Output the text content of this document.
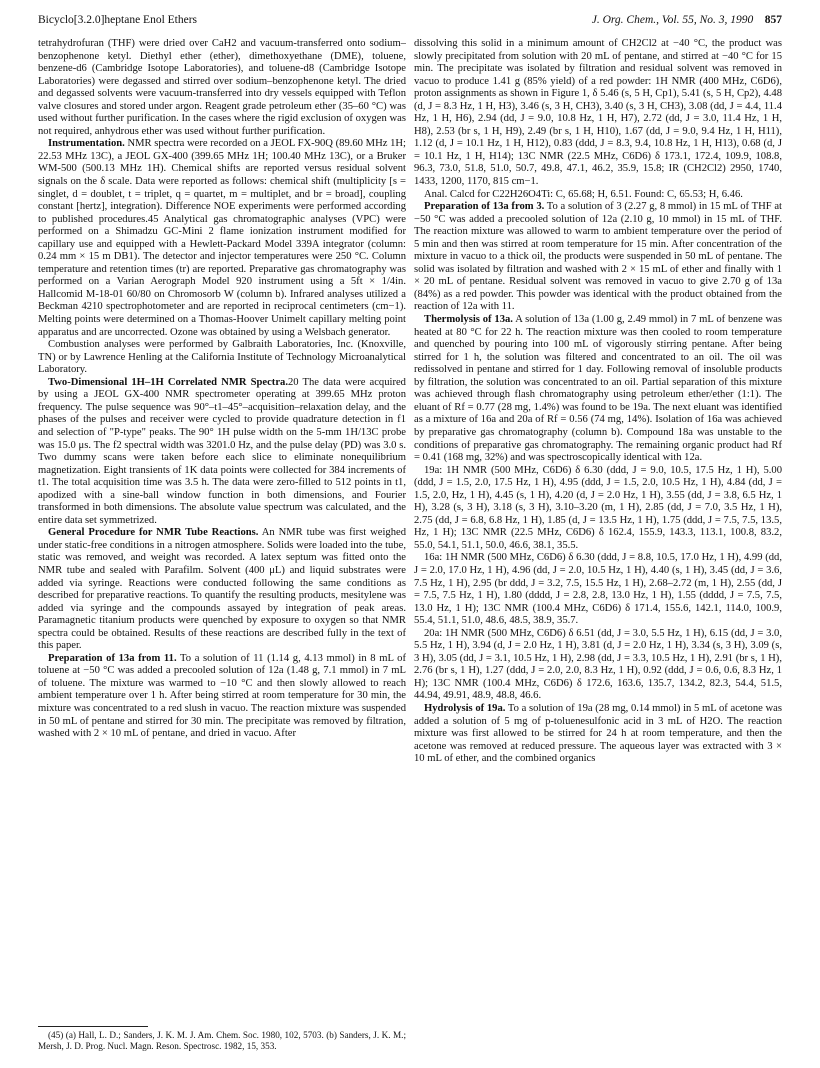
Bicyclo[3.2.0]heptane Enol Ethers	J. Org. Chem., Vol. 55, No. 3, 1990 857

tetrahydrofuran (THF) were dried over CaH2 and vacuum-transferred onto sodium–benzophenone ketyl. Diethyl ether (ether), dimethoxyethane (DME), toluene, benzene-d6 (Cambridge Isotope Laboratories), and toluene-d8 (Cambridge Isotope Laboratories) were degassed and stirred over sodium–benzophenone ketyl. The dried and degassed solvents were vacuum-transferred into dry vessels equipped with Teflon valve closures and stored under argon. Reagent grade petroleum ether (35–60 °C) was used without further purification. In the cases where the rigid exclusion of oxygen was not required, anhydrous ether was used without further purification.

Instrumentation. NMR spectra were recorded on a JEOL FX-90Q (89.60 MHz 1H; 22.53 MHz 13C), a JEOL GX-400 (399.65 MHz 1H; 100.40 MHz 13C), or a Bruker WM-500 (500.13 MHz 1H). Chemical shifts are reported versus residual solvent signals on the δ scale. Data were reported as follows: chemical shift (multiplicity [s = singlet, d = doublet, t = triplet, q = quartet, m = multiplet, and br = broad], coupling constant [hertz], integration). Difference NOE experiments were performed according to published procedures.45 Analytical gas chromatographic analyses (VPC) were performed on a Shimadzu GC-Mini 2 flame ionization instrument modified for capillary use and equipped with a Hewlett-Packard Model 339A integrator (column: 0.24 mm × 15 m DB1). The detector and injector temperatures were 250 °C. Column temperature and retention times (tr) are reported. Preparative gas chromatography was performed on a Varian Aerograph Model 920 instrument using a 5ft × 1/4in. Hallcomid M-18-01 60/80 on Chromosorb W (column b). Infrared analyses utilized a Beckman 4210 spectrophotometer and are reported in reciprocal centimeters (cm−1). Melting points were determined on a Thomas-Hoover Unimelt capillary melting point apparatus and are uncorrected. Ozone was obtained by using a Welsbach generator.

Combustion analyses were performed by Galbraith Laboratories, Inc. (Knoxville, TN) or by Lawrence Henling at the California Institute of Technology Microanalytical Laboratory.

Two-Dimensional 1H–1H Correlated NMR Spectra.20 The data were acquired by using a JEOL GX-400 NMR spectrometer operating at 399.65 MHz proton frequency. The pulse sequence was 90°–t1–45°–acquisition–relaxation delay, and the phases of the pulses and receiver were cycled to provide quadrature detection in f1 and selection of "P-type" peaks. The 90° 1H pulse width on the 5-mm 1H/13C probe was 15.0 μs. The f2 spectral width was 3201.0 Hz, and the pulse delay (PD) was 3.0 s. Two dummy scans were taken before each slice to eliminate nonequilibrium magnetization. Eight transients of 1K data points were collected for 384 increments of t1. The total acquisition time was 3.5 h. The data were zero-filled to 512 points in t1, apodized with a sine-ball window function in both dimensions, and Fourier transformed in both dimensions. The absolute value spectrum was calculated, and the entire data set symmetrized.

General Procedure for NMR Tube Reactions. An NMR tube was first weighed under static-free conditions in a nitrogen atmosphere. Solids were loaded into the tube, static was removed, and weight was recorded. A latex septum was fitted onto the NMR tube and sealed with Parafilm. Solvent (400 μL) and liquid substrates were added via syringe. Reactions were conducted following the same conditions as described for preparative reactions. To quantify the resulting products, mesitylene was added via syringe and the compounds assayed by integration of peak areas. Paramagnetic titanium products were quenched by exposure to oxygen so that NMR spectra could be obtained. Results of these reactions are described fully in the text of this paper.

Preparation of 13a from 11. To a solution of 11 (1.14 g, 4.13 mmol) in 8 mL of toluene at −50 °C was added a precooled solution of 12a (1.48 g, 7.1 mmol) in 7 mL of toluene. The mixture was warmed to −10 °C and then slowly allowed to reach ambient temperature over 1 h. After being stirred at room temperature for 30 min, the mixture was concentrated to a red slush in vacuo. The reaction mixture was suspended in 50 mL of pentane and stirred for 30 min. The precipitate was removed by filtration, washed with 2 × 10 mL of pentane, and dried in vacuo. After

(45) (a) Hall, L. D.; Sanders, J. K. M. J. Am. Chem. Soc. 1980, 102, 5703. (b) Sanders, J. K. M.; Mersh, J. D. Prog. Nucl. Magn. Reson. Spectrosc. 1982, 15, 353.

dissolving this solid in a minimum amount of CH2Cl2 at −40 °C, the product was slowly precipitated from solution with 20 mL of pentane, and stirred at −40 °C for 15 min. The precipitate was isolated by filtration and residual solvent was removed in vacuo to produce 1.41 g (85% yield) of a red powder: 1H NMR (400 MHz, C6D6), proton assignments as shown in Figure 1, δ 5.46 (s, 5 H, Cp1), 5.41 (s, 5 H, Cp2), 4.48 (d, J = 8.3 Hz, 1 H, H3), 3.46 (s, 3 H, CH3), 3.40 (s, 3 H, CH3), 3.08 (dd, J = 4.4, 11.4 Hz, 1 H, H6), 2.94 (dd, J = 9.0, 10.8 Hz, 1 H, H7), 2.72 (dd, J = 3.0, 11.4 Hz, 1 H, H8), 2.53 (br s, 1 H, H9), 2.49 (br s, 1 H, H10), 1.67 (dd, J = 9.0, 9.4 Hz, 1 H, H11), 1.12 (d, J = 10.1 Hz, 1 H, H12), 0.83 (ddd, J = 8.3, 9.4, 10.8 Hz, 1 H, H13), 0.68 (d, J = 10.1 Hz, 1 H, H14); 13C NMR (22.5 MHz, C6D6) δ 173.1, 172.4, 109.9, 108.8, 96.3, 73.0, 51.8, 51.0, 50.7, 49.8, 47.1, 46.2, 35.9, 15.8; IR (CH2Cl2) 2950, 1740, 1433, 1200, 1170, 815 cm−1.

Anal. Calcd for C22H26O4Ti: C, 65.68; H, 6.51. Found: C, 65.53; H, 6.46.

Preparation of 13a from 3. To a solution of 3 (2.27 g, 8 mmol) in 15 mL of THF at −50 °C was added a precooled solution of 12a (2.10 g, 10 mmol) in 15 mL of THF. The reaction mixture was allowed to warm to ambient temperature over the period of 5 min and then was stirred at room temperature for 15 min. After concentration of the mixture in vacuo to a thick oil, the products were suspended in 50 mL of pentane. The solid was isolated by filtration and washed with 2 × 15 mL of ether and finally with 1 × 20 mL of pentane. Residual solvent was removed in vacuo to give 2.70 g of 13a (84%) as a red powder. This powder was identical with the product obtained from the reaction of 12a with 11.

Thermolysis of 13a. A solution of 13a (1.00 g, 2.49 mmol) in 7 mL of benzene was heated at 80 °C for 22 h. The reaction mixture was then cooled to room temperature and quenched by pouring into 100 mL of vigorously stirring pentane. After being stirred for 1 h, the solution was filtered and concentrated to an oil. The oil was redissolved in pentane and stirred for 1 day. Following removal of insoluble products by filtration, the solution was concentrated to an oil. Partial separation of this mixture was achieved through flash chromatography using petroleum ether/ether (1:1). The eluant of Rf = 0.77 (28 mg, 1.4%) was found to be 19a. The next eluant was identified as a mixture of 16a and 20a of Rf = 0.56 (74 mg, 14%). Isolation of 16a was achieved by preparative gas chromatography (column b). Compound 18a was unstable to the conditions of preparative gas chromatography. The remaining organic product had Rf = 0.41 (168 mg, 32%) and was spectroscopically identical with 12a.

19a: 1H NMR (500 MHz, C6D6) δ 6.30 (ddd, J = 9.0, 10.5, 17.5 Hz, 1 H), 5.00 (ddd, J = 1.5, 2.0, 17.5 Hz, 1 H), 4.95 (ddd, J = 1.5, 2.0, 10.5 Hz, 1 H), 4.84 (dd, J = 1.5, 2.0, Hz, 1 H), 4.45 (s, 1 H), 4.20 (d, J = 2.0 Hz, 1 H), 3.55 (dd, J = 3.8, 6.5 Hz, 1 H), 3.28 (s, 3 H), 3.18 (s, 3 H), 3.10–3.20 (m, 1 H), 2.85 (dd, J = 7.0, 3.5 Hz, 1 H), 2.75 (dd, J = 6.8, 6.8 Hz, 1 H), 1.85 (d, J = 13.5 Hz, 1 H), 1.75 (ddd, J = 7.5, 7.5, 13.5, Hz, 1 H); 13C NMR (22.5 MHz, C6D6) δ 162.4, 155.9, 143.3, 113.1, 100.8, 83.2, 55.0, 54.1, 51.1, 50.0, 46.6, 38.1, 35.5.

16a: 1H NMR (500 MHz, C6D6) δ 6.30 (ddd, J = 8.8, 10.5, 17.0 Hz, 1 H), 4.99 (dd, J = 2.0, 17.0 Hz, 1 H), 4.96 (dd, J = 2.0, 10.5 Hz, 1 H), 4.40 (s, 1 H), 3.45 (dd, J = 3.6, 7.5 Hz, 1 H), 2.95 (br ddd, J = 3.2, 7.5, 15.5 Hz, 1 H), 2.68–2.72 (m, 1 H), 2.55 (dd, J = 7.5, 7.5 Hz, 1 H), 1.80 (dddd, J = 2.8, 2.8, 13.0 Hz, 1 H), 1.55 (dddd, J = 7.5, 7.5, 13.0 Hz, 1 H); 13C NMR (100.4 MHz, C6D6) δ 171.4, 155.6, 142.1, 114.0, 100.9, 55.4, 51.1, 51.0, 48.6, 48.5, 38.9, 35.7.

20a: 1H NMR (500 MHz, C6D6) δ 6.51 (dd, J = 3.0, 5.5 Hz, 1 H), 6.15 (dd, J = 3.0, 5.5 Hz, 1 H), 3.94 (d, J = 2.0 Hz, 1 H), 3.81 (d, J = 2.0 Hz, 1 H), 3.34 (s, 3 H), 3.09 (s, 3 H), 3.05 (dd, J = 3.1, 10.5 Hz, 1 H), 2.98 (dd, J = 3.3, 10.5 Hz, 1 H), 2.91 (br s, 1 H), 2.76 (br s, 1 H), 1.27 (ddd, J = 2.0, 2.0, 8.3 Hz, 1 H), 0.92 (ddd, J = 0.6, 0.6, 8.3 Hz, 1 H); 13C NMR (100.4 MHz, C6D6) δ 172.6, 163.6, 135.7, 134.2, 82.3, 54.4, 51.5, 44.94, 49.91, 48.9, 48.8, 46.6.

Hydrolysis of 19a. To a solution of 19a (28 mg, 0.14 mmol) in 5 mL of acetone was added a solution of 5 mg of p-toluenesulfonic acid in 3 mL of H2O. The reaction mixture was first allowed to be stirred for 24 h at room temperature, and then the acetone was removed at reduced pressure. The aqueous layer was extracted with 3 × 10 mL of ether, and the combined organics
